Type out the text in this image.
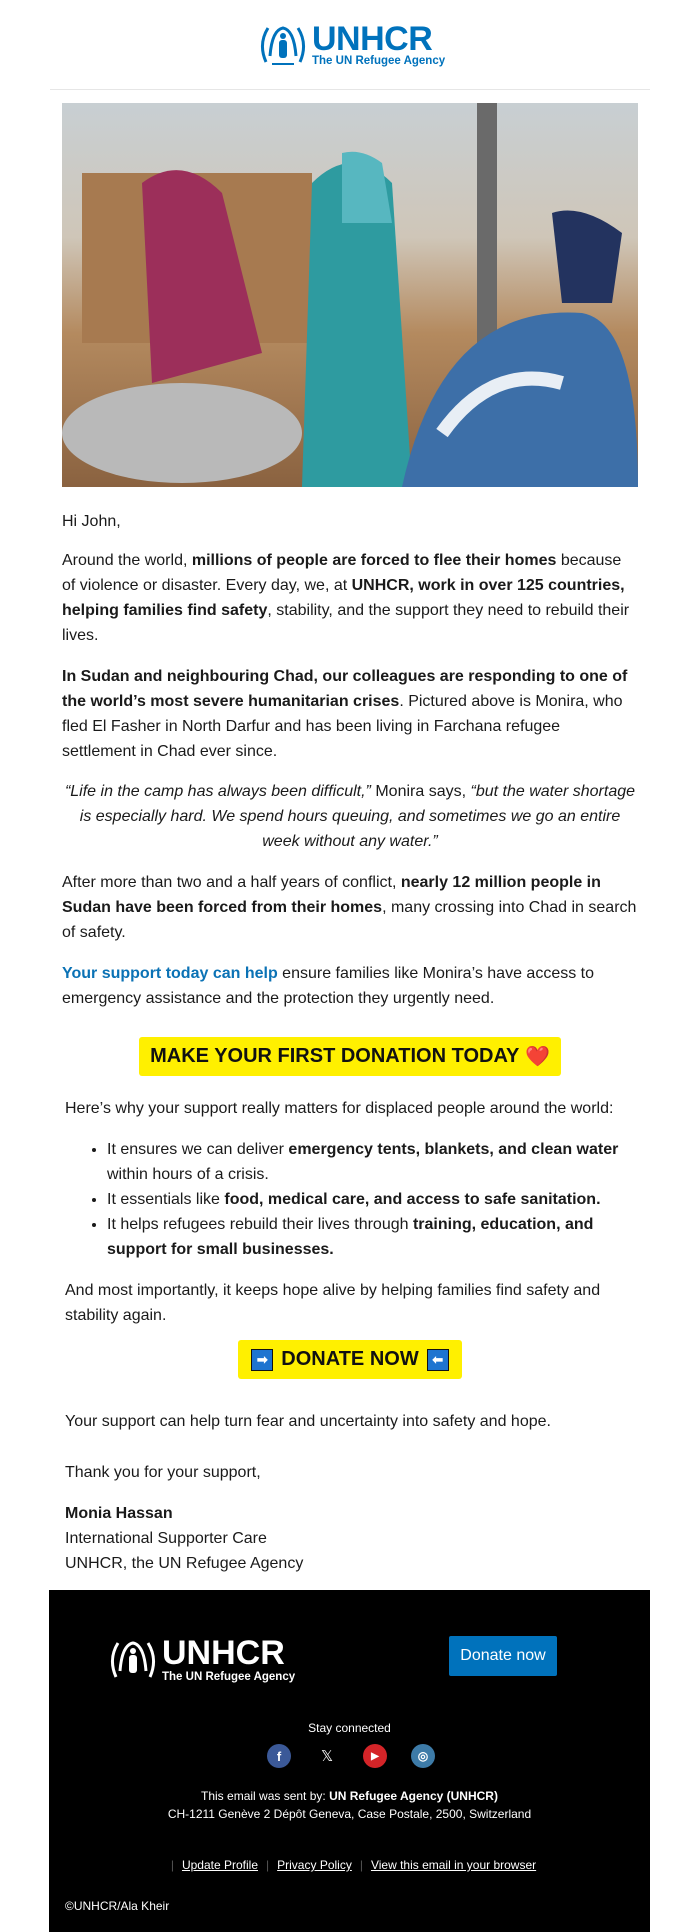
UNHCR
The UN Refugee Agency
Hi John,

Around the world, millions of people are forced to flee their homes because of violence or disaster. Every day, we, at UNHCR, work in over 125 countries, helping families find safety, stability, and the support they need to rebuild their lives.

In Sudan and neighbouring Chad, our colleagues are responding to one of the world’s most severe humanitarian crises. Pictured above is Monira, who fled El Fasher in North Darfur and has been living in Farchana refugee settlement in Chad ever since.

“Life in the camp has always been difficult,” Monira says, “but the water shortage is especially hard. We spend hours queuing, and sometimes we go an entire week without any water.”

After more than two and a half years of conflict, nearly 12 million people in Sudan have been forced from their homes, many crossing into Chad in search of safety.

Your support today can help ensure families like Monira’s have access to emergency assistance and the protection they urgently need.

MAKE YOUR FIRST DONATION TODAY
❤️

Here’s why your support really matters for displaced people around the world:

• It ensures we can deliver emergency tents, blankets, and clean water within hours of a crisis.
• It essentials like food, medical care, and access to safe sanitation.
• It helps refugees rebuild their lives through training, education, and support for small businesses.

And most importantly, it keeps hope alive by helping families find safety and stability again.

➡ DONATE NOW	⬅

Your support can help turn fear and uncertainty into safety and hope.

Thank you for your support,

Monia Hassan

International Supporter Care

UNHCR, the UN Refugee Agency

UNHCR
The UN Refugee Agency
Donate now
Stay connected
f	𝕏	▶	◎
This email was sent by: UN Refugee Agency (UNHCR)
CH-1211 Genève 2 Dépôt Geneva, Case Postale, 2500, Switzerland
| Update Profile | Privacy Policy | View this email in your browser
©UNHCR/Ala Kheir
